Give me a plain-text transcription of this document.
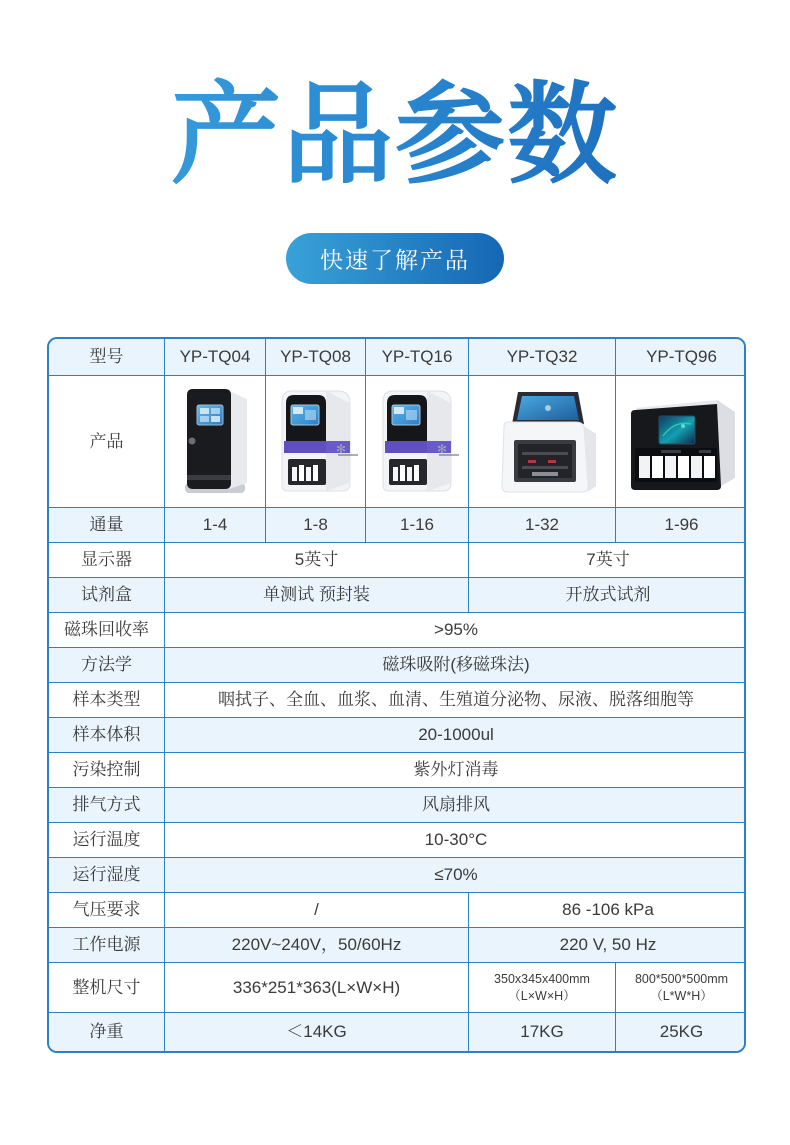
产品参数
快速了解产品
型号	YP-TQ04	YP-TQ08	YP-TQ16	YP-TQ32	YP-TQ96
产品		✻	✻

通量	1-4	1-8	1-16	1-32	1-96
显示器	5英寸			7英寸	
试剂盒	单测试 预封装			开放式试剂	
磁珠回收率	>95%				
方法学	磁珠吸附(移磁珠法)				
样本类型	咽拭子、全血、血浆、血清、生殖道分泌物、尿液、脱落细胞等				
样本体积	20-1000ul				
污染控制	紫外灯消毒				
排气方式	风扇排风				
运行温度	10-30°C				
运行湿度	≤70%				
气压要求	/			86 -106 kPa	
工作电源	220V~240V，50/60Hz			220 V, 50 Hz	
整机尺寸	336*251*363(L×W×H)			350x345x400mm（L×W×H）	800*500*500mm（L*W*H）
净重	＜14KG			17KG	25KG
